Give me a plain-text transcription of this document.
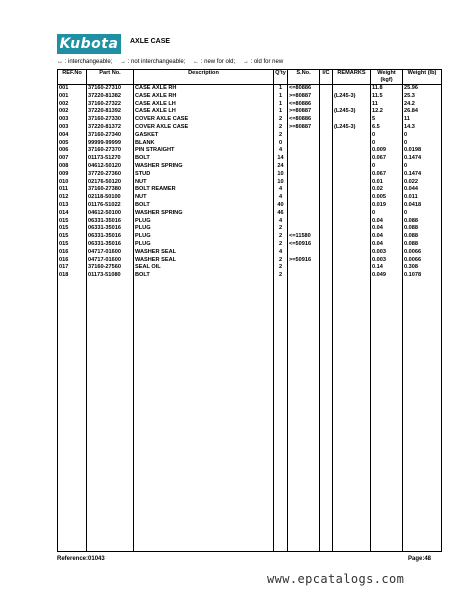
Kubota	AXLE CASE
↔ : interchangeable; → : not interchangeable; ← : new for old; → : old for new
REF.No	Part No.	Description	Q'ty	S.No.	I/C	REMARKS	Weight (kgf)	Weight (lb)
001	37160-27310	CASE AXLE RH	1	<=80886			11.8	25.96
001	37220-81382	CASE AXLE RH	1	>=80887		(L245-3)	11.5	25.3
002	37160-27322	CASE AXLE LH	1	<=80886			11	24.2
002	37220-81392	CASE AXLE LH	1	>=80887		(L245-3)	12.2	26.84
003	37160-27330	COVER AXLE CASE	2	<=80886			5	11
003	37220-81372	COVER AXLE CASE	2	>=80887		(L245-3)	6.5	14.3
004	37160-27340	GASKET	2				0	0
005	99999-99999	BLANK	0				0	0
006	37160-27370	PIN STRAIGHT	4				0.009	0.0198
007	01173-51270	BOLT	14				0.067	0.1474
008	04612-50120	WASHER SPRING	24				0	0
009	37720-27360	STUD	10				0.067	0.1474
010	02176-50120	NUT	10				0.01	0.022
011	37160-27380	BOLT REAMER	4				0.02	0.044
012	02118-50100	NUT	4				0.005	0.011
013	01176-51022	BOLT	40				0.019	0.0418
014	04612-50100	WASHER SPRING	46				0	0
015	06331-35016	PLUG	4				0.04	0.088
015	06331-35016	PLUG	2				0.04	0.088
015	06331-35016	PLUG	2	<=11580			0.04	0.088
015	06331-35016	PLUG	2	<=50916			0.04	0.088
016	04717-01600	WASHER SEAL	4				0.003	0.0066
016	04717-01600	WASHER SEAL	2	>=50916			0.003	0.0066
017	37160-27560	SEAL OIL	2				0.14	0.308
018	01173-51080	BOLT	2				0.049	0.1078

Reference:01043	Page:48
www.epcatalogs.com
